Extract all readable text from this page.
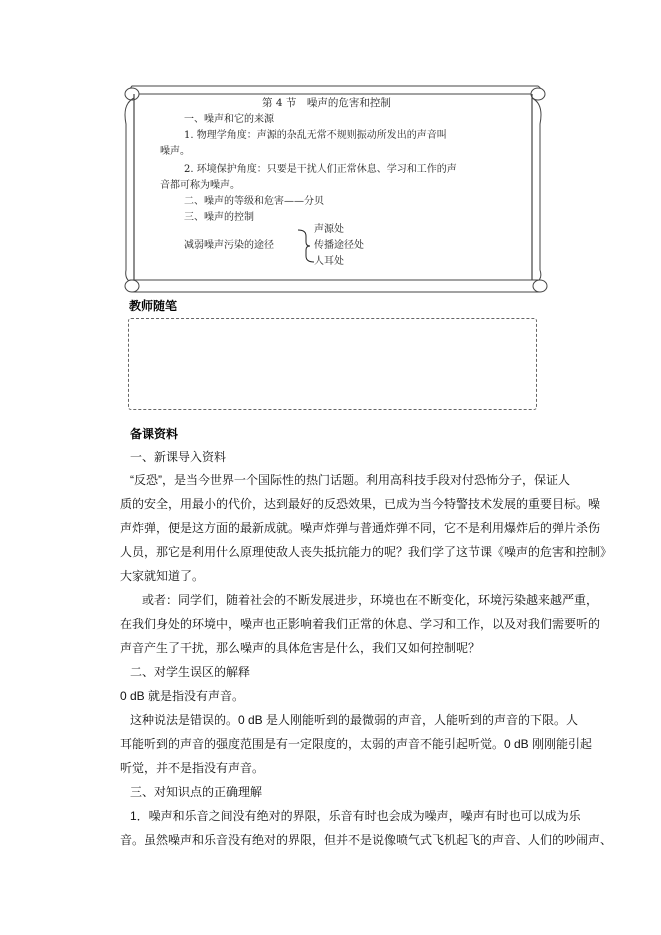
第 4 节　噪声的危害和控制
一、噪声和它的来源
1. 物理学角度：声源的杂乱无常不规则振动所发出的声音叫
噪声。
2. 环境保护角度：只要是干扰人们正常休息、学习和工作的声
音都可称为噪声。
二、噪声的等级和危害——分贝
三、噪声的控制
减弱噪声污染的途径
声源处
传播途径处
人耳处
教师随笔
备课资料
一、新课导入资料
“反恐”，是当今世界一个国际性的热门话题。利用高科技手段对付恐怖分子，保证人
质的安全，用最小的代价，达到最好的反恐效果，已成为当今特警技术发展的重要目标。噪
声炸弹，便是这方面的最新成就。噪声炸弹与普通炸弹不同，它不是利用爆炸后的弹片杀伤
人员，那它是利用什么原理使敌人丧失抵抗能力的呢？我们学了这节课《噪声的危害和控制》
大家就知道了。
或者：同学们，随着社会的不断发展进步，环境也在不断变化，环境污染越来越严重，
在我们身处的环境中，噪声也正影响着我们正常的休息、学习和工作，以及对我们需要听的
声音产生了干扰，那么噪声的具体危害是什么，我们又如何控制呢？
二、对学生误区的解释
0 dB 就是指没有声音。
这种说法是错误的。0 dB 是人刚能听到的最微弱的声音，人能听到的声音的下限。人
耳能听到的声音的强度范围是有一定限度的，太弱的声音不能引起听觉。0 dB 刚刚能引起
听觉，并不是指没有声音。
三、对知识点的正确理解
1．噪声和乐音之间没有绝对的界限，乐音有时也会成为噪声，噪声有时也可以成为乐
音。虽然噪声和乐音没有绝对的界限，但并不是说像喷气式飞机起飞的声音、人们的吵闹声、
